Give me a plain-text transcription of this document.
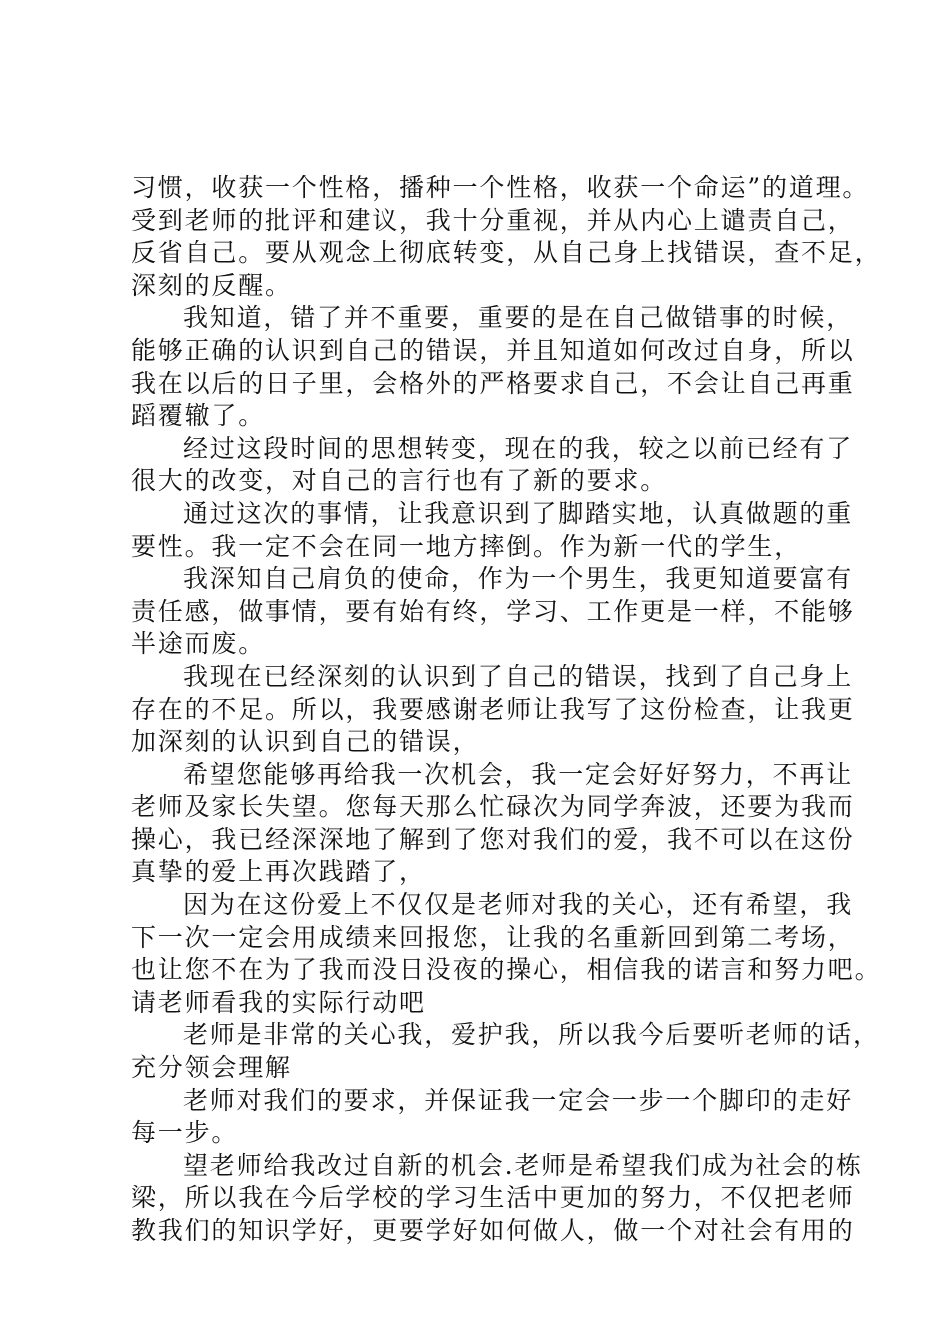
习惯，收获一个性格，播种一个性格，收获一个命运”的道理。
受到老师的批评和建议，我十分重视，并从内心上谴责自己，
反省自己。要从观念上彻底转变，从自己身上找错误，查不足，
深刻的反醒。
我知道，错了并不重要，重要的是在自己做错事的时候，
能够正确的认识到自己的错误，并且知道如何改过自身，所以
我在以后的日子里，会格外的严格要求自己，不会让自己再重
蹈覆辙了。
经过这段时间的思想转变，现在的我，较之以前已经有了
很大的改变，对自己的言行也有了新的要求。
通过这次的事情，让我意识到了脚踏实地，认真做题的重
要性。我一定不会在同一地方摔倒。作为新一代的学生，
我深知自己肩负的使命，作为一个男生，我更知道要富有
责任感，做事情，要有始有终，学习、工作更是一样，不能够
半途而废。
我现在已经深刻的认识到了自己的错误，找到了自己身上
存在的不足。所以，我要感谢老师让我写了这份检查，让我更
加深刻的认识到自己的错误，
希望您能够再给我一次机会，我一定会好好努力，不再让
老师及家长失望。您每天那么忙碌次为同学奔波，还要为我而
操心，我已经深深地了解到了您对我们的爱，我不可以在这份
真挚的爱上再次践踏了，
因为在这份爱上不仅仅是老师对我的关心，还有希望，我
下一次一定会用成绩来回报您，让我的名重新回到第二考场，
也让您不在为了我而没日没夜的操心，相信我的诺言和努力吧。
请老师看我的实际行动吧
老师是非常的关心我，爱护我，所以我今后要听老师的话，
充分领会理解
老师对我们的要求，并保证我一定会一步一个脚印的走好
每一步。
望老师给我改过自新的机会.老师是希望我们成为社会的栋
梁，所以我在今后学校的学习生活中更加的努力，不仅把老师
教我们的知识学好，更要学好如何做人，做一个对社会有用的
